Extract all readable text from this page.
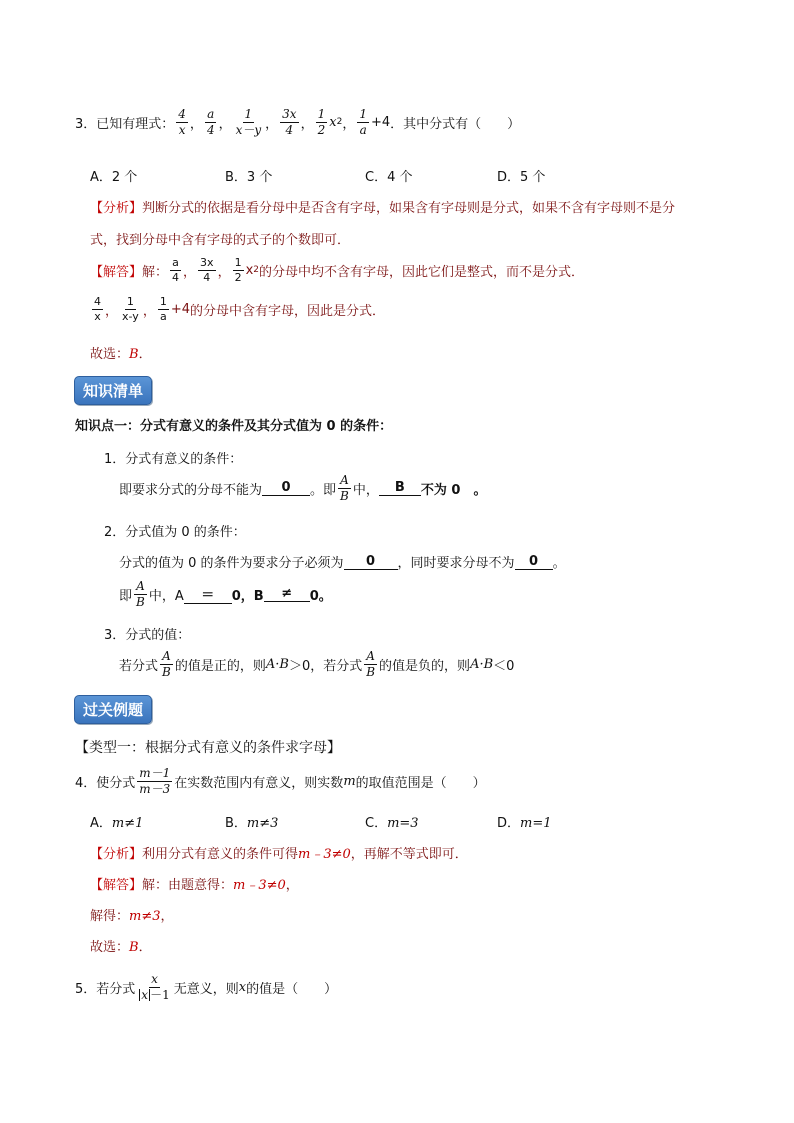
3．已知有理式： $\frac{4}{x}$ ， $\frac{a}{4}$ ， $\frac{1}{x-y}$ ， $\frac{3x}{4}$ ， $\frac{1}{2}$ x 2 ， $\frac{1}{a} +4$ ．其中分式有（　　）
A．2 个	B．3 个	C．4 个	D．5 个
【分析】判断分式的依据是看分母中是否含有字母，如果含有字母则是分式，如果不含有字母则不是分
式，找到分母中含有字母的式子的个数即可．
【解答】 解： $\frac{a}{4}$ ， $\frac{3x}{4}$ ， $\frac{1}{2}$ x 2 的分母中均不含有字母，因此它们是整式，而不是分式．
$\frac{4}{x}$ ， $\frac{1}{x-y}$ ， $\frac{1}{a} +4$ 的分母中含有字母，因此是分式．
故选：B．
知识清单
知识点一：分式有意义的条件及其分式值为 0 的条件：
1．分式有意义的条件：
即要求分式的分母不能为	0	。即 $\frac{A}{B}$ 中，	B	不为 0　。
2．分式值为 0 的条件：
分式的值为 0 的条件为要求分子必须为	0	，同时要求分母不为	0	。
即 $\frac{A}{B}$ 中，A	＝	0，B	≠	0。
3．分式的值：
若分式 $\frac{A}{B}$ 的值是正的，则 A·B ＞0，若分式 $\frac{A}{B}$ 的值是负的，则 A·B ＜0
过关例题
【类型一：根据分式有意义的条件求字母】
4．使分式 $\frac{m-1}{m-3}$ 在实数范围内有意义，则实数 m 的取值范围是（　　）
A．m≠1	B．m≠3	C．m=3	D．m=1
【分析】利用分式有意义的条件可得m﹣3≠0，再解不等式即可．
【解答】解：由题意得：m﹣3≠0，
解得：m≠3，
故选：B．
5．若分式 $\frac{x}{x -1}$ 无意义，则 x 的值是（　　）
